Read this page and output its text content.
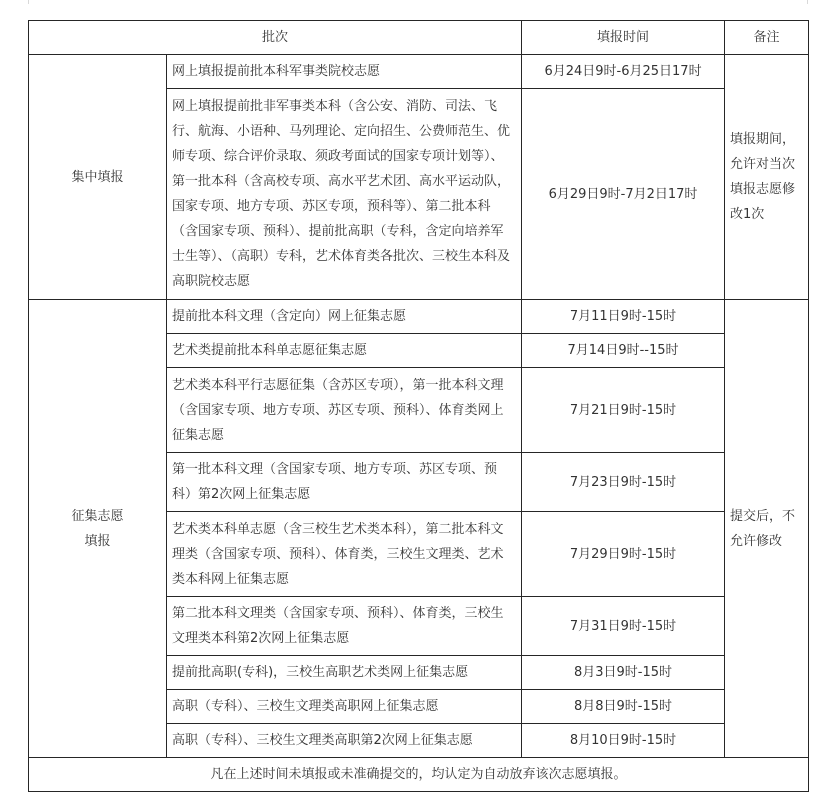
批次		填报时间	备注
集中填报	网上填报提前批本科军事类院校志愿	6月24日9时-6月25日17时	填报期间，允许对当次填报志愿修改1次
	网上填报提前批非军事类本科（含公安、消防、司法、飞行、航海、小语种、马列理论、定向招生、公费师范生、优师专项、综合评价录取、须政考面试的国家专项计划等）、第一批本科（含高校专项、高水平艺术团、高水平运动队，国家专项、地方专项、苏区专项，预科等）、第二批本科（含国家专项、预科）、提前批高职（专科，含定向培养军士生等）、（高职）专科，艺术体育类各批次、三校生本科及高职院校志愿	6月29日9时-7月2日17时	
征集志愿
填报	提前批本科文理（含定向）网上征集志愿	7月11日9时-15时	提交后，不允许修改
	艺术类提前批本科单志愿征集志愿	7月14日9时--15时	
	艺术类本科平行志愿征集（含苏区专项），第一批本科文理（含国家专项、地方专项、苏区专项、预科）、体育类网上征集志愿	7月21日9时-15时	
	第一批本科文理（含国家专项、地方专项、苏区专项、预科）第2次网上征集志愿	7月23日9时-15时	
	艺术类本科单志愿（含三校生艺术类本科），第二批本科文理类（含国家专项、预科）、体育类，三校生文理类、艺术类本科网上征集志愿	7月29日9时-15时	
	第二批本科文理类（含国家专项、预科）、体育类，三校生文理类本科第2次网上征集志愿	7月31日9时-15时	
	提前批高职(专科)，三校生高职艺术类网上征集志愿	8月3日9时-15时	
	高职（专科）、三校生文理类高职网上征集志愿	8月8日9时-15时	
	高职（专科）、三校生文理类高职第2次网上征集志愿	8月10日9时-15时	
凡在上述时间未填报或未准确提交的，均认定为自动放弃该次志愿填报。			
